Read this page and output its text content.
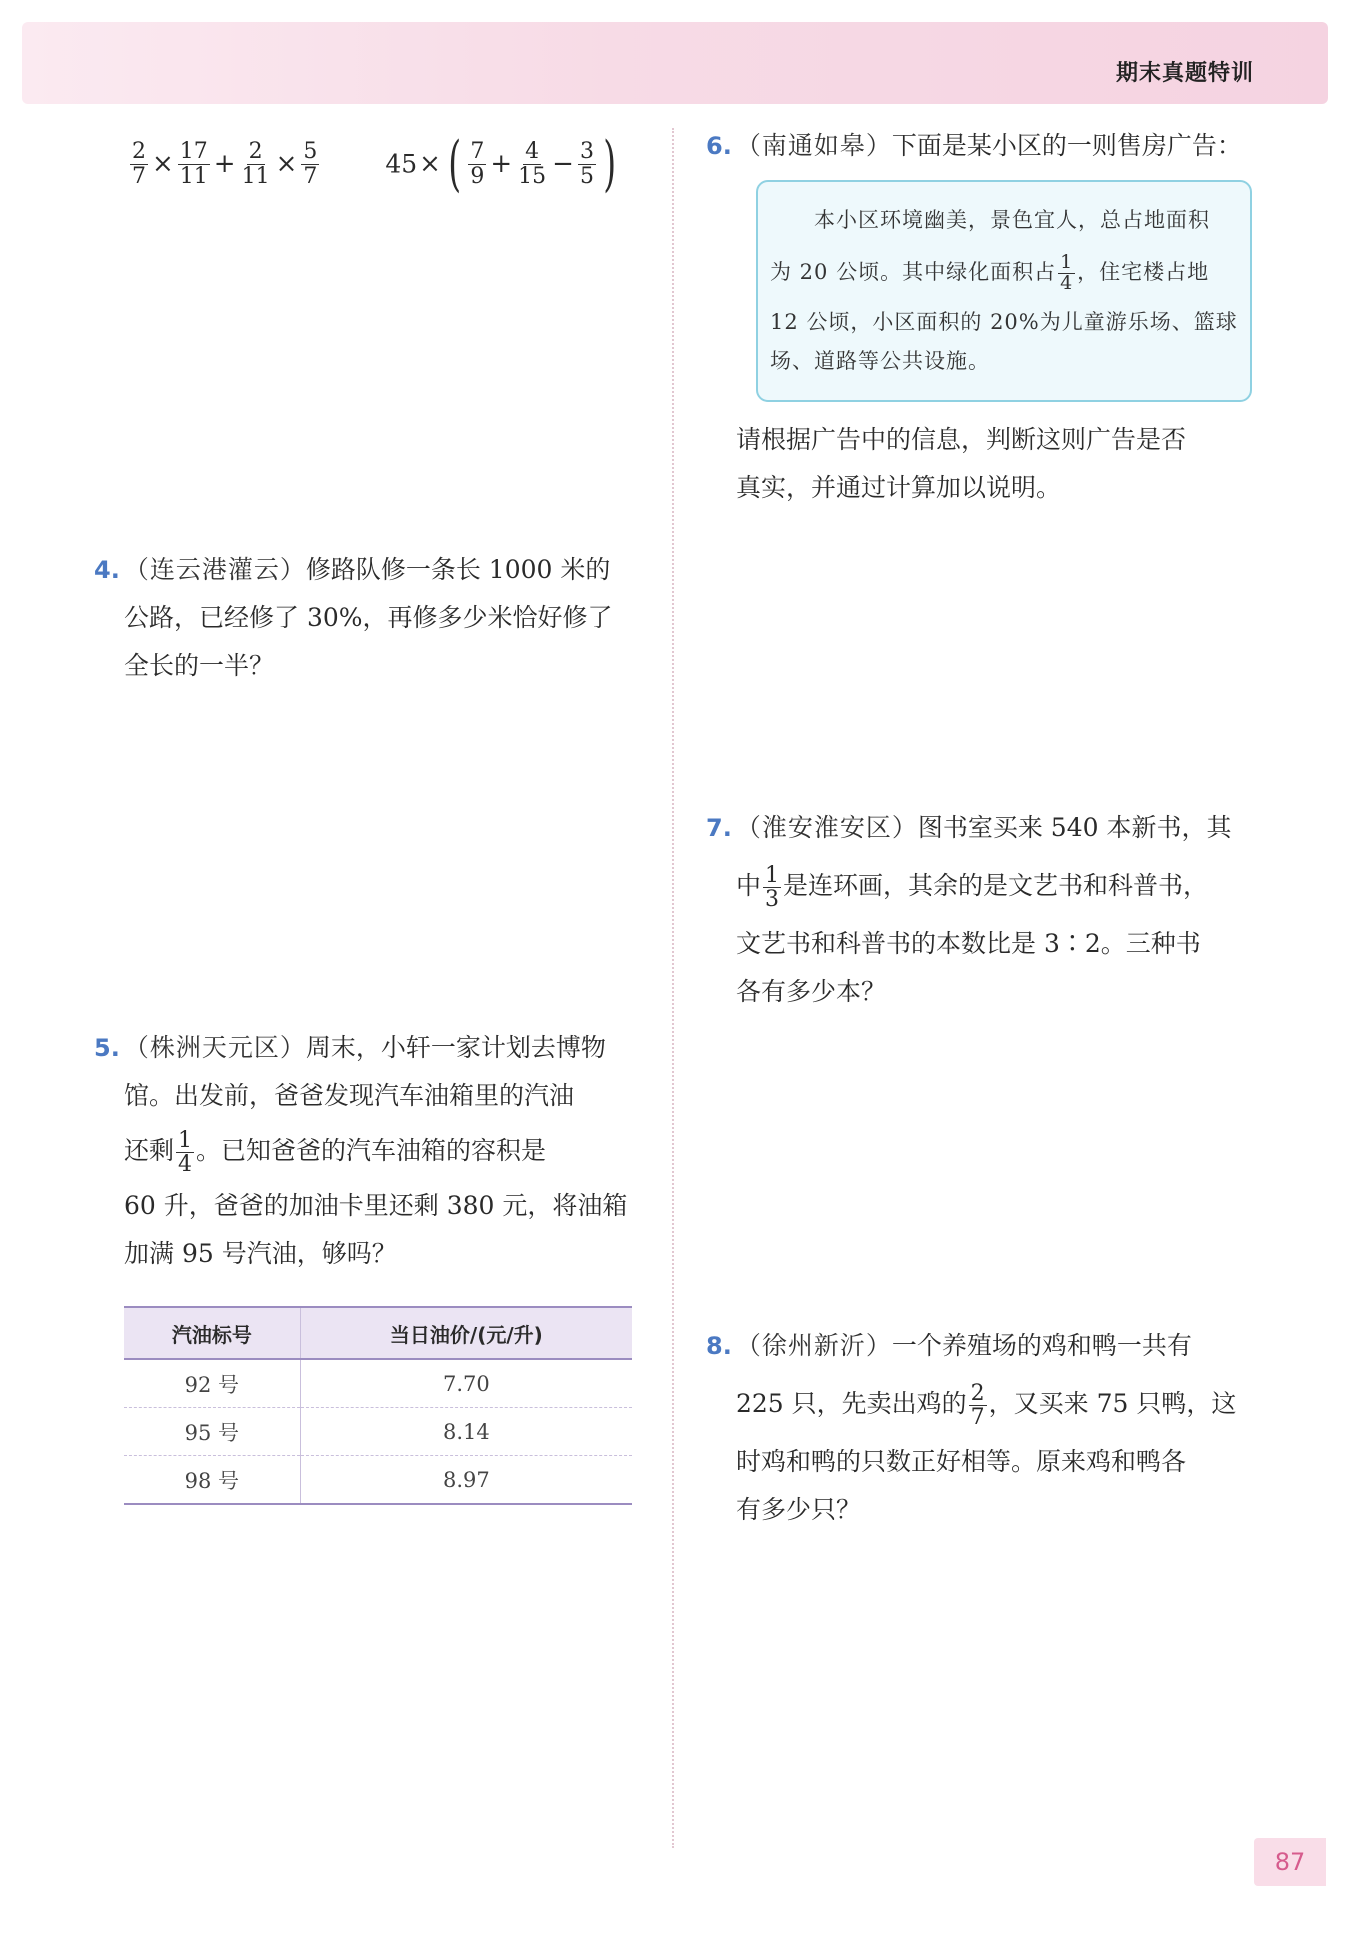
期末真题特训
$\frac{2}{7} \times \frac{17}{11} + \frac{2}{11} \times \frac{5}{7}$	45× ( $\frac{7}{9} + \frac{4}{15} - \frac{3}{5}$ )
4. （连云港灌云）修路队修一条长 1000 米的
公路，已经修了 30%，再修多少米恰好修了
全长的一半？
5. （株洲天元区）周末，小轩一家计划去博物
馆。出发前，爸爸发现汽车油箱里的汽油
还剩 $\frac{1}{4}$ 。已知爸爸的汽车油箱的容积是
60 升，爸爸的加油卡里还剩 380 元，将油箱
加满 95 号汽油，够吗？
汽油标号	当日油价/(元/升)
92 号	7.70
95 号	8.14
98 号	8.97
6. （南通如皋）下面是某小区的一则售房广告：
本小区环境幽美，景色宜人，总占地面积
为 20 公顷。其中绿化面积占 $\frac{1}{4}$ ，住宅楼占地
12 公顷，小区面积的 20%为儿童游乐场、篮球
场、道路等公共设施。
请根据广告中的信息，判断这则广告是否
真实，并通过计算加以说明。
7. （淮安淮安区）图书室买来 540 本新书，其
中 $\frac{1}{3}$ 是连环画，其余的是文艺书和科普书，
文艺书和科普书的本数比是 3∶2。三种书
各有多少本？
8. （徐州新沂）一个养殖场的鸡和鸭一共有
225 只，先卖出鸡的 $\frac{2}{7}$ ，又买来 75 只鸭，这
时鸡和鸭的只数正好相等。原来鸡和鸭各
有多少只？
87
